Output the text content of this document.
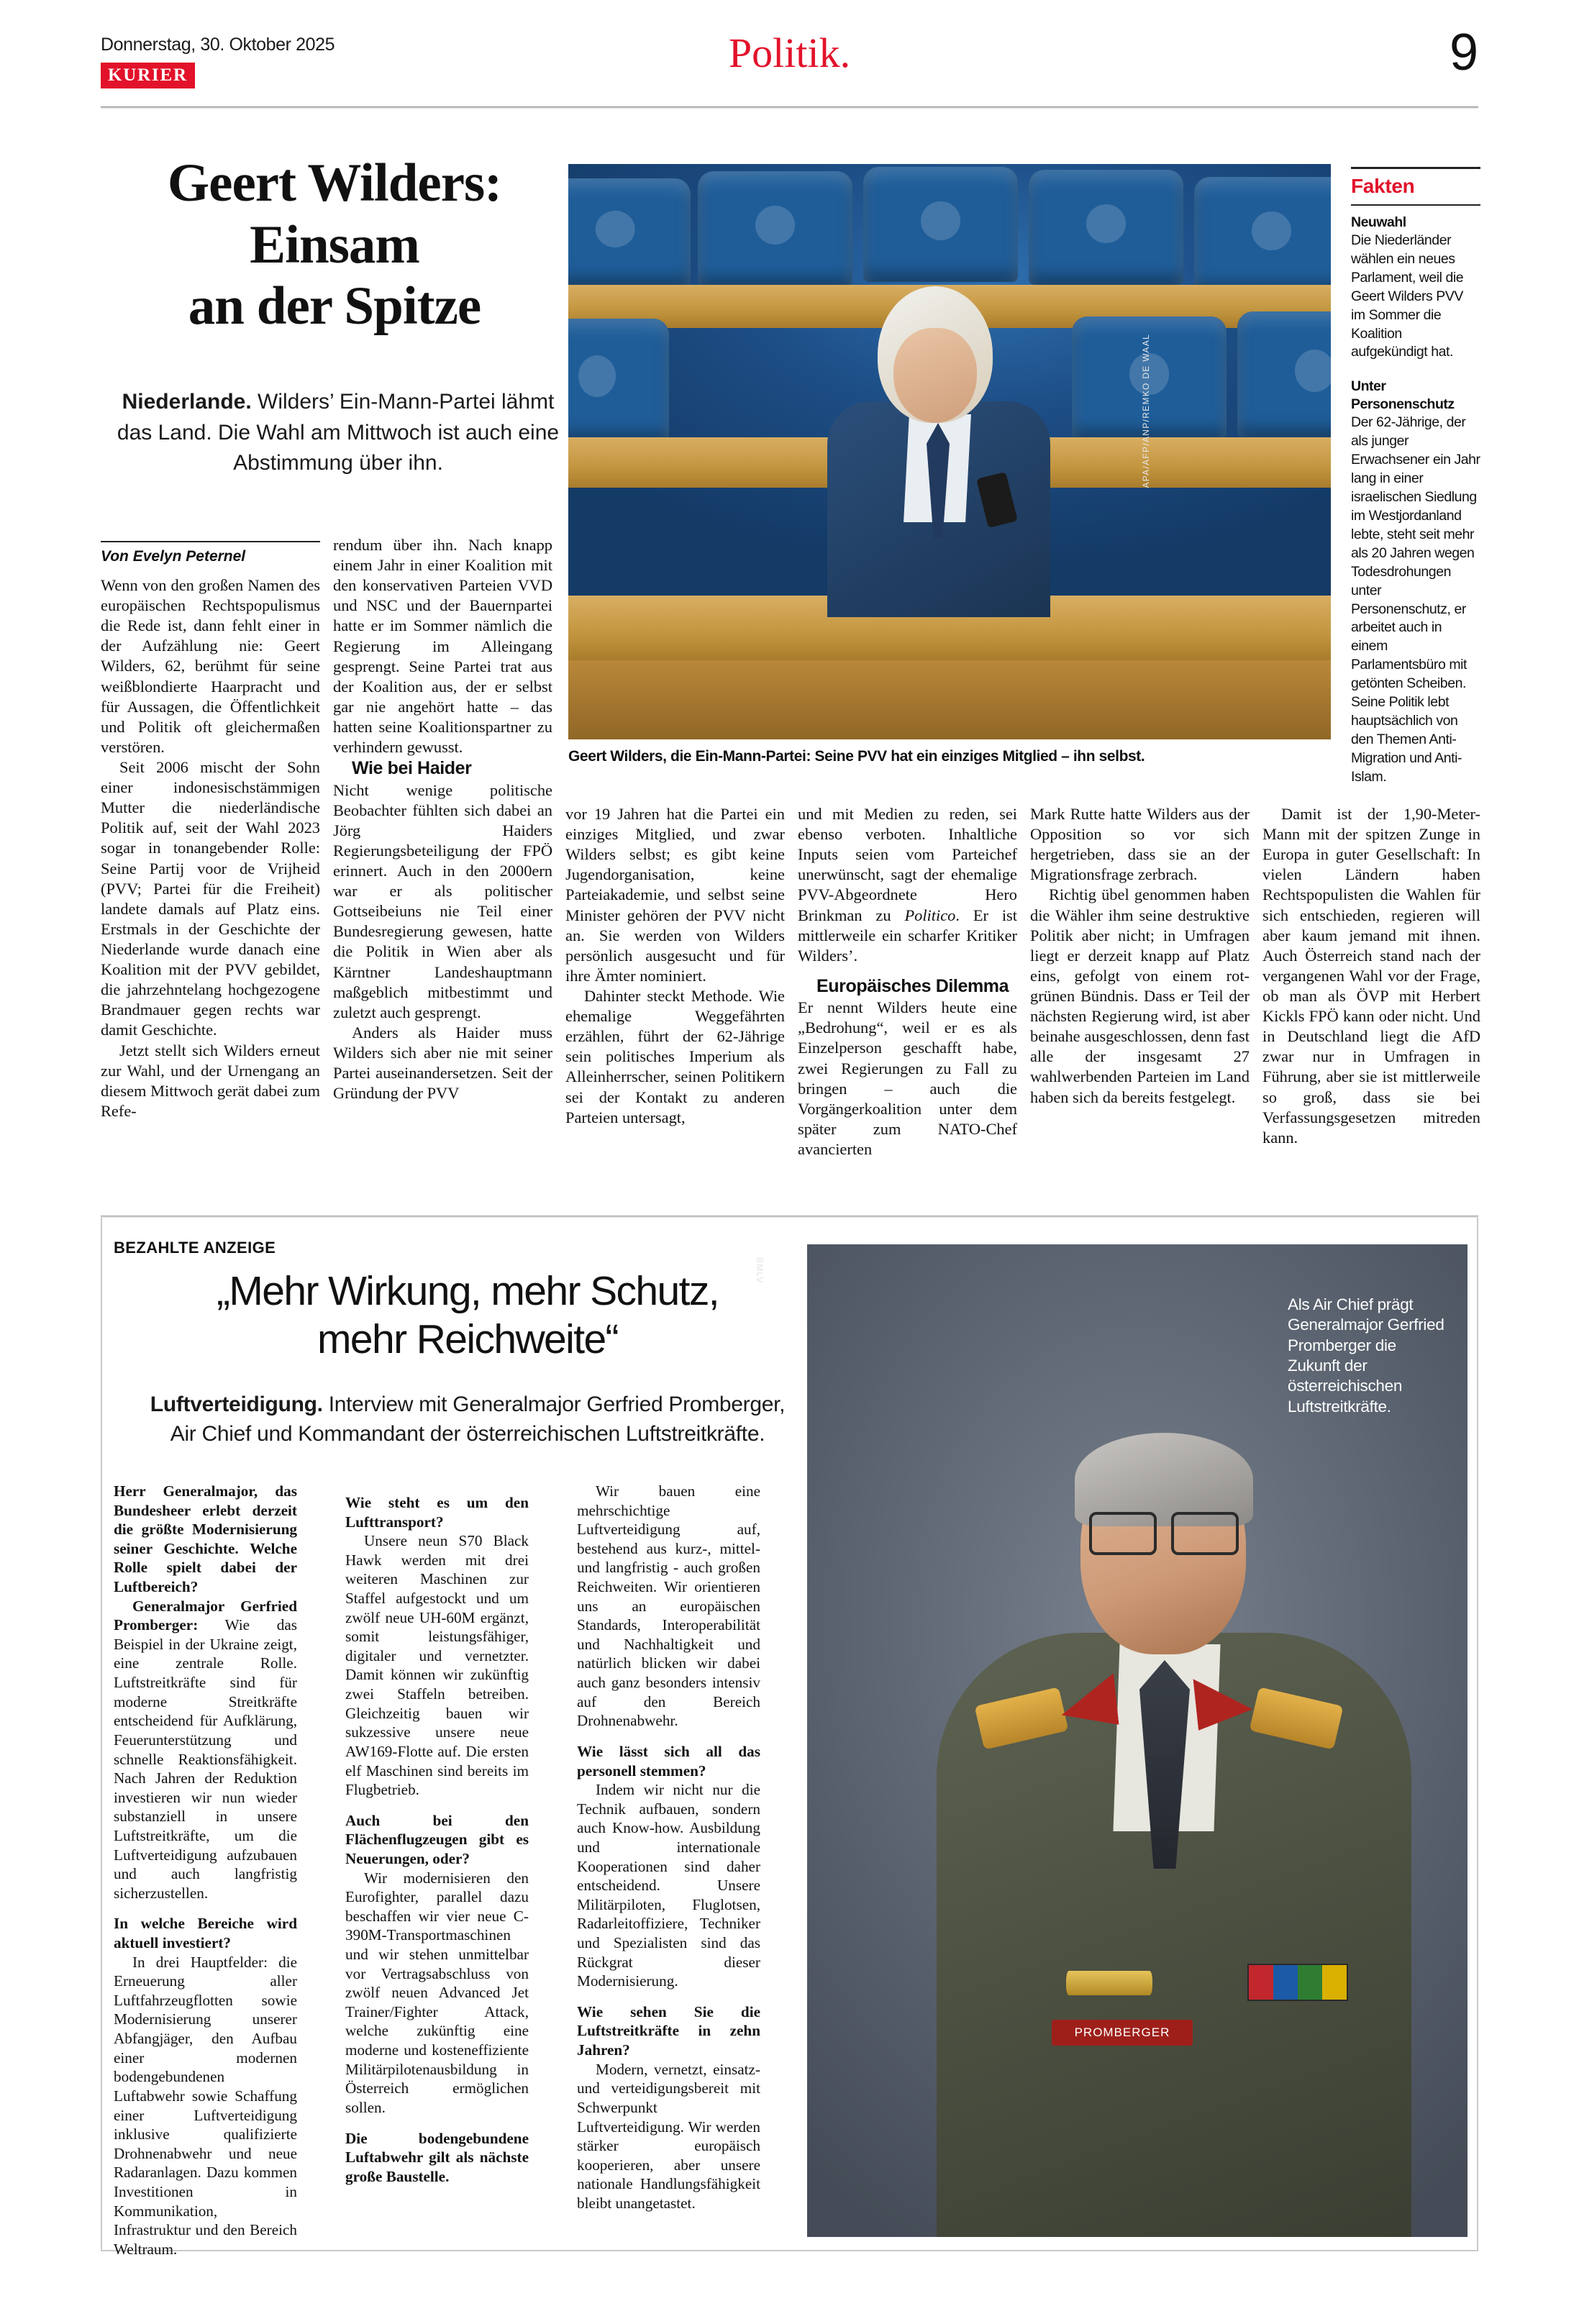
Donnerstag, 30. Oktober 2025
KURIER	Politik.	9
Geert Wilders:
Einsam
an der Spitze
Niederlande. Wilders’ Ein-Mann-Partei lähmt das Land. Die Wahl am Mittwoch ist auch eine Abstimmung über ihn.	APA/AFP/ANP/REMKO DE WAAL
Geert Wilders, die Ein-Mann-Partei: Seine PVV hat ein einziges Mitglied – ihn selbst.
Fakten
Neuwahl
Die Niederländer wählen ein neues Parlament, weil die Geert Wilders PVV im Sommer die Koalition aufgekündigt hat.
Unter Personenschutz
Der 62-Jährige, der als junger Erwachsener ein Jahr lang in einer israelischen Siedlung im Westjordanland lebte, steht seit mehr als 20 Jahren wegen Todesdrohungen unter Personenschutz, er arbeitet auch in einem Parlamentsbüro mit getönten Scheiben. Seine Politik lebt hauptsächlich von den Themen Anti-Migration und Anti-Islam.
Von Evelyn Peternel

Wenn von den großen Namen des europäischen Rechtspopulismus die Rede ist, dann fehlt einer in der Aufzählung nie: Geert Wilders, 62, berühmt für seine weißblondierte Haarpracht und für Aussagen, die Öffentlichkeit und Politik oft gleichermaßen verstören.

Seit 2006 mischt der Sohn einer indonesischstämmigen Mutter die niederländische Politik auf, seit der Wahl 2023 sogar in tonangebender Rolle: Seine Partij voor de Vrijheid (PVV; Partei für die Freiheit) landete damals auf Platz eins. Erstmals in der Geschichte der Niederlande wurde danach eine Koalition mit der PVV gebildet, die jahrzehntelang hochgezogene Brandmauer gegen rechts war damit Geschichte.

Jetzt stellt sich Wilders erneut zur Wahl, und der Urnengang an diesem Mittwoch gerät dabei zum Refe-

rendum über ihn. Nach knapp einem Jahr in einer Koalition mit den konservativen Parteien VVD und NSC und der Bauernpartei hatte er im Sommer nämlich die Regierung im Alleingang gesprengt. Seine Partei trat aus der Koalition aus, der er selbst gar nie angehört hatte – das hatten seine Koalitionspartner zu verhindern gewusst.

Wie bei Haider

Nicht wenige politische Beobachter fühlten sich dabei an Jörg Haiders Regierungsbeteiligung der FPÖ erinnert. Auch in den 2000ern war er als politischer Gottseibeiuns nie Teil einer Bundesregierung gewesen, hatte die Politik in Wien aber als Kärntner Landeshauptmann maßgeblich mitbestimmt und zuletzt auch gesprengt.

Anders als Haider muss Wilders sich aber nie mit seiner Partei auseinandersetzen. Seit der Gründung der PVV

vor 19 Jahren hat die Partei ein einziges Mitglied, und zwar Wilders selbst; es gibt keine Jugendorganisation, keine Parteiakademie, und selbst seine Minister gehören der PVV nicht an. Sie werden von Wilders persönlich ausgesucht und für ihre Ämter nominiert.

Dahinter steckt Methode. Wie ehemalige Weggefährten erzählen, führt der 62-Jährige sein politisches Imperium als Alleinherrscher, seinen Politikern sei der Kontakt zu anderen Parteien untersagt,

und mit Medien zu reden, sei ebenso verboten. Inhaltliche Inputs seien vom Parteichef unerwünscht, sagt der ehemalige PVV-Abgeordnete Hero Brinkman zu Politico. Er ist mittlerweile ein scharfer Kritiker Wilders’.

Europäisches Dilemma

Er nennt Wilders heute eine „Bedrohung“, weil er es als Einzelperson geschafft habe, zwei Regierungen zu Fall zu bringen – auch die Vorgängerkoalition unter dem später zum NATO-Chef avancierten

Mark Rutte hatte Wilders aus der Opposition so vor sich hergetrieben, dass sie an der Migrationsfrage zerbrach.

Richtig übel genommen haben die Wähler ihm seine destruktive Politik aber nicht; in Umfragen liegt er derzeit knapp auf Platz eins, gefolgt von einem rot-grünen Bündnis. Dass er Teil der nächsten Regierung wird, ist aber beinahe ausgeschlossen, denn fast alle der insgesamt 27 wahlwerbenden Parteien im Land haben sich da bereits festgelegt.

Damit ist der 1,90-Meter-Mann mit der spitzen Zunge in Europa in guter Gesellschaft: In vielen Ländern haben Rechtspopulisten die Wahlen für sich entschieden, regieren will aber kaum jemand mit ihnen. Auch Österreich stand nach der vergangenen Wahl vor der Frage, ob man als ÖVP mit Herbert Kickls FPÖ kann oder nicht. Und in Deutschland liegt die AfD zwar nur in Umfragen in Führung, aber sie ist mittlerweile so groß, dass sie bei Verfassungsgesetzen mitreden kann.

BEZAHLTE ANZEIGE
„Mehr Wirkung, mehr Schutz,
mehr Reichweite“
Luftverteidigung. Interview mit Generalmajor Gerfried Promberger, Air Chief und Kommandant der österreichischen Luftstreitkräfte.

Herr Generalmajor, das Bundesheer erlebt derzeit die größte Modernisierung seiner Geschichte. Welche Rolle spielt dabei der Luftbereich?

Generalmajor Gerfried Promberger: Wie das Beispiel in der Ukraine zeigt, eine zentrale Rolle. Luftstreitkräfte sind für moderne Streitkräfte entscheidend für Aufklärung, Feuerunterstützung und schnelle Reaktionsfähigkeit. Nach Jahren der Reduktion investieren wir nun wieder substanziell in unsere Luftstreitkräfte, um die Luftverteidigung aufzubauen und auch langfristig sicherzustellen.

In welche Bereiche wird aktuell investiert?

In drei Hauptfelder: die Erneuerung aller Luftfahrzeugflotten sowie Modernisierung unserer Abfangjäger, den Aufbau einer modernen bodengebundenen Luftabwehr sowie Schaffung einer Luftverteidigung inklusive qualifizierte Drohnenabwehr und neue Radaranlagen. Dazu kommen Investitionen in Kommunikation, Infrastruktur und den Bereich Weltraum.

Wie steht es um den Lufttransport?

Unsere neun S70 Black Hawk werden mit drei weiteren Maschinen zur Staffel aufgestockt und um zwölf neue UH-60M ergänzt, somit leistungsfähiger, digitaler und vernetzter. Damit können wir zukünftig zwei Staffeln betreiben. Gleichzeitig bauen wir sukzessive unsere neue AW169-Flotte auf. Die ersten elf Maschinen sind bereits im Flugbetrieb.

Auch bei den Flächenflugzeugen gibt es Neuerungen, oder?

Wir modernisieren den Eurofighter, parallel dazu beschaffen wir vier neue C-390M-Transportmaschinen und wir stehen unmittelbar vor Vertragsabschluss von zwölf neuen Advanced Jet Trainer/Fighter Attack, welche zukünftig eine moderne und kosteneffiziente Militärpilotenausbildung in Österreich ermöglichen sollen.

Die bodengebundene Luftabwehr gilt als nächste große Baustelle.

Wir bauen eine mehrschichtige Luftverteidigung auf, bestehend aus kurz-, mittel- und langfristig - auch großen Reichweiten. Wir orientieren uns an europäischen Standards, Interoperabilität und Nachhaltigkeit und natürlich blicken wir dabei auch ganz besonders intensiv auf den Bereich Drohnenabwehr.

Wie lässt sich all das personell stemmen?

Indem wir nicht nur die Technik aufbauen, sondern auch Know-how. Ausbildung und internationale Kooperationen sind daher entscheidend. Unsere Militärpiloten, Fluglotsen, Radarleitoffiziere, Techniker und Spezialisten sind das Rückgrat dieser Modernisierung.

Wie sehen Sie die Luftstreitkräfte in zehn Jahren?

Modern, vernetzt, einsatz- und verteidigungsbereit mit Schwerpunkt Luftverteidigung. Wir werden stärker europäisch kooperieren, aber unsere nationale Handlungsfähigkeit bleibt unangetastet.

PROMBERGER
Als Air Chief prägt Generalmajor Gerfried Promberger die Zukunft der österreichischen Luftstreitkräfte.
BMLV
